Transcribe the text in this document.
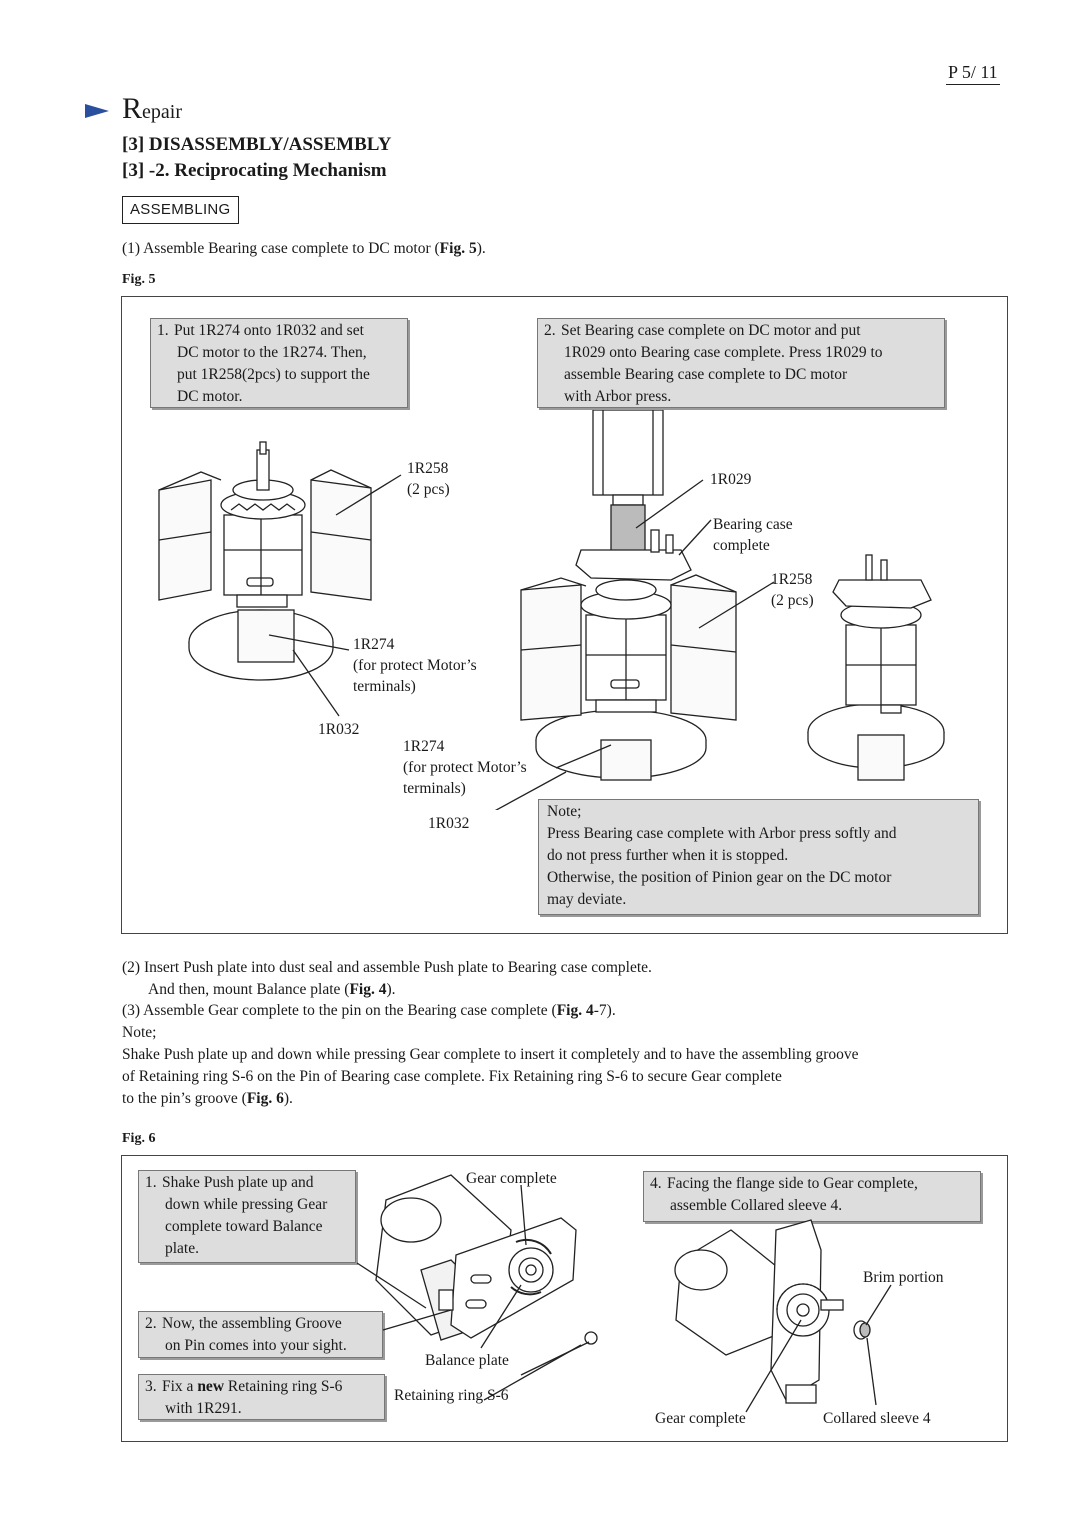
P 5/ 11
Repair
[3] DISASSEMBLY/ASSEMBLY
[3] -2. Reciprocating Mechanism
ASSEMBLING
(1) Assemble Bearing case complete to DC motor (Fig. 5).
Fig. 5
1. Put 1R274 onto 1R032 and set
DC motor to the 1R274. Then,
put 1R258(2pcs) to support the
DC motor.
2. Set Bearing case complete on DC motor and put
1R029 onto Bearing case complete. Press 1R029 to
assemble Bearing case complete to DC motor
with Arbor press.
1R258
(2 pcs)
1R274
(for protect Motor’s
terminals)
1R032
1R274
(for protect Motor’s
terminals)
1R032
1R029
Bearing case
complete
1R258
(2 pcs)
Note;
Press Bearing case complete with Arbor press softly and
do not press further when it is stopped.
Otherwise, the position of Pinion gear on the DC motor
may deviate.
(2) Insert Push plate into dust seal and assemble Push plate to Bearing case complete.
And then, mount Balance plate (Fig. 4).
(3) Assemble Gear complete to the pin on the Bearing case complete (Fig. 4-7).
Note;
Shake Push plate up and down while pressing Gear complete to insert it completely and to have the assembling groove
of Retaining ring S-6 on the Pin of Bearing case complete. Fix Retaining ring S-6 to secure Gear complete
to the pin’s groove (Fig. 6).
Fig. 6
1. Shake Push plate up and
down while pressing Gear
complete toward Balance
plate.
2. Now, the assembling Groove
on Pin comes into your sight.
3. Fix a new Retaining ring S-6
with 1R291.
4. Facing the flange side to Gear complete,
assemble Collared sleeve 4.
Gear complete
Balance plate
Retaining ring S-6
Brim portion
Gear complete	Collared sleeve 4
